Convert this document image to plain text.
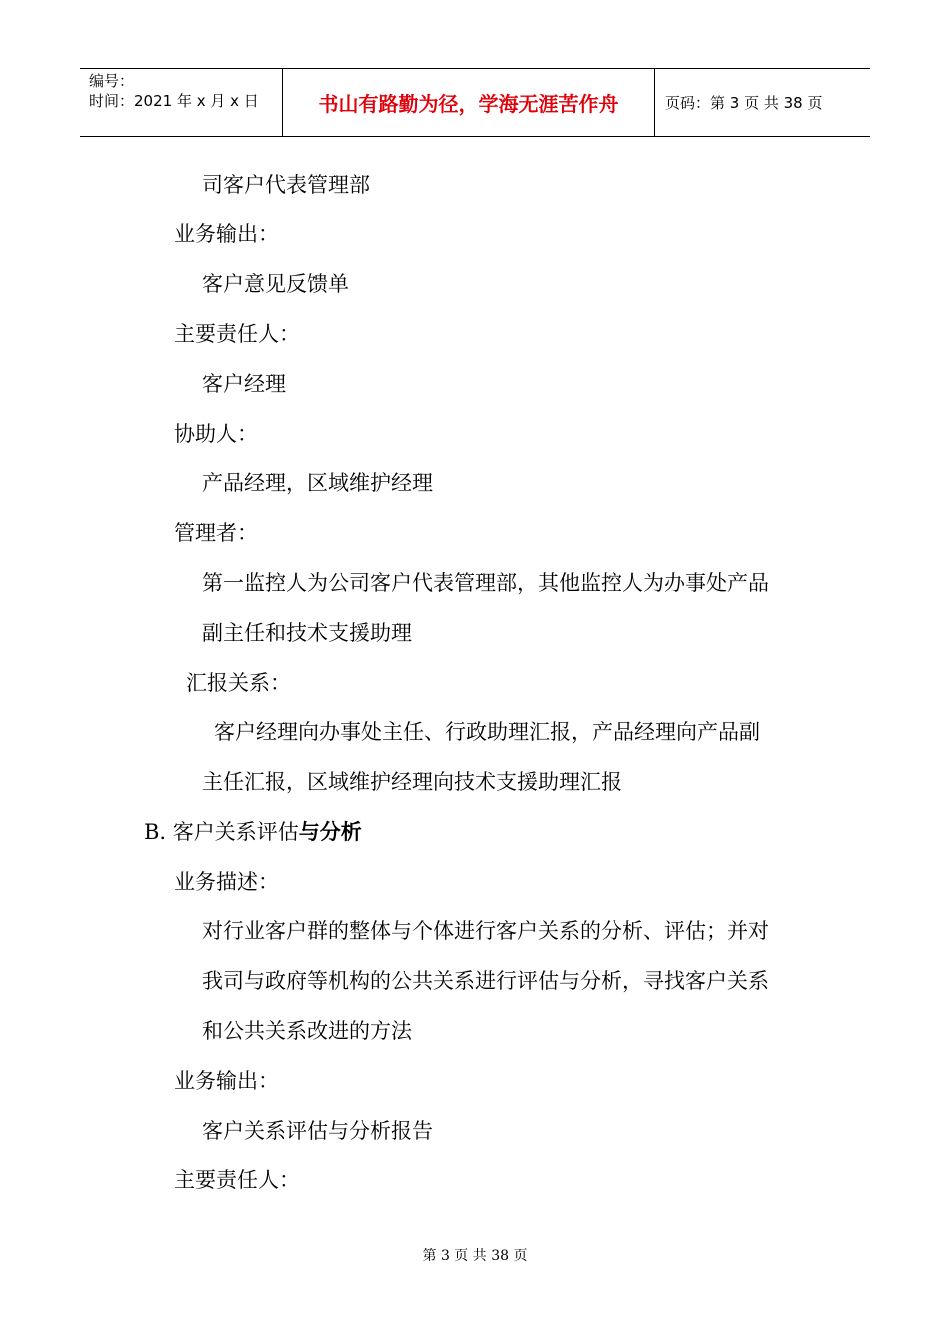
编号：
时间：2021 年 x 月 x 日	书山有路勤为径，学海无涯苦作舟	页码：第 3 页 共 38 页
司客户代表管理部
业务输出：
客户意见反馈单
主要责任人：
客户经理
协助人：
产品经理，区域维护经理
管理者：
第一监控人为公司客户代表管理部，其他监控人为办事处产品
副主任和技术支援助理
汇报关系：
客户经理向办事处主任、行政助理汇报，产品经理向产品副
主任汇报，区域维护经理向技术支援助理汇报
B. 客户关系评估与分析
业务描述：
对行业客户群的整体与个体进行客户关系的分析、评估；并对
我司与政府等机构的公共关系进行评估与分析，寻找客户关系
和公共关系改进的方法
业务输出：
客户关系评估与分析报告
主要责任人：
第 3 页 共 38 页
